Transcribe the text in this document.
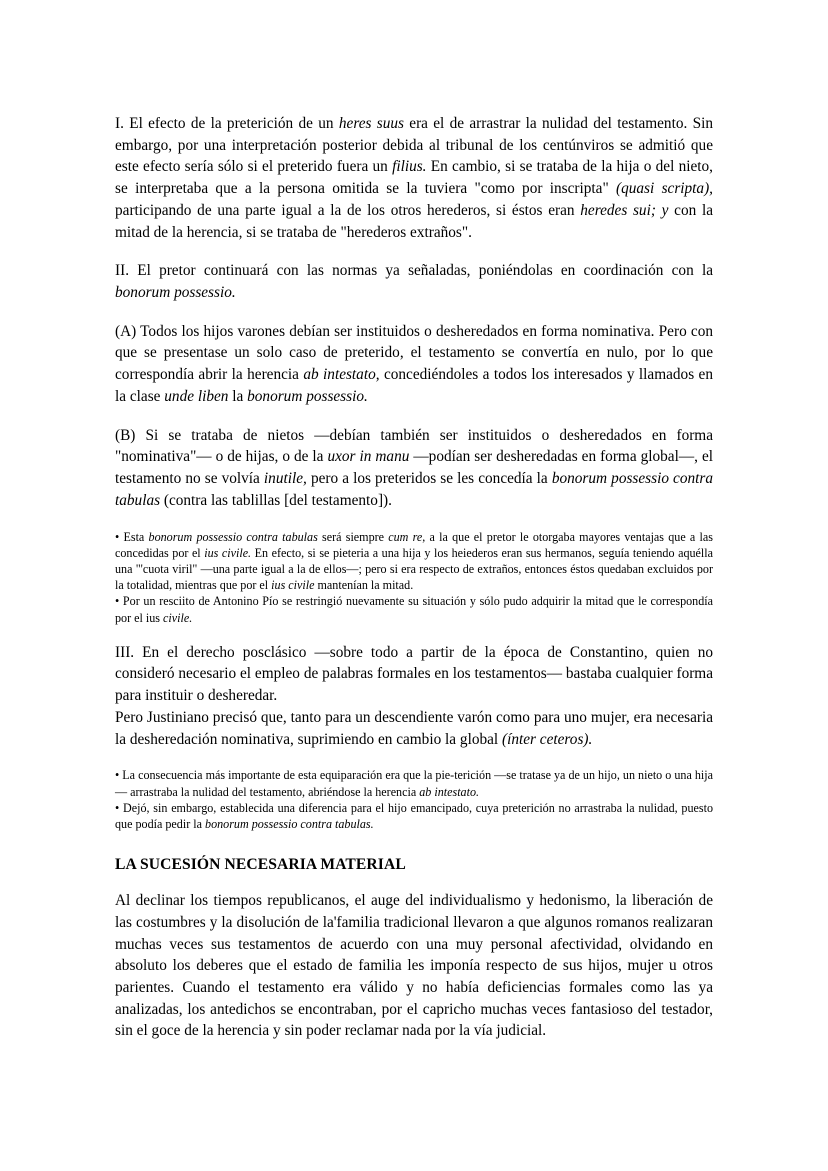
I. El efecto de la preterición de un heres suus era el de arrastrar la nulidad del testamento. Sin embargo, por una interpretación posterior debida al tribunal de los centúnviros se admitió que este efecto sería sólo si el preterido fuera un filius. En cambio, si se trataba de la hija o del nieto, se interpretaba que a la persona omitida se la tuviera "como por inscripta" (quasi scripta), participando de una parte igual a la de los otros herederos, si éstos eran heredes sui; y con la mitad de la herencia, si se trataba de "herederos extraños".

II. El pretor continuará con las normas ya señaladas, poniéndolas en coordinación con la bonorum possessio.

(A) Todos los hijos varones debían ser instituidos o desheredados en forma nominativa. Pero con que se presentase un solo caso de preterido, el testamento se convertía en nulo, por lo que correspondía abrir la herencia ab intestato, concediéndoles a todos los interesados y llamados en la clase unde liben la bonorum possessio.

(B) Si se trataba de nietos —debían también ser instituidos o desheredados en forma "nominativa"— o de hijas, o de la uxor in manu —podían ser desheredadas en forma global—, el testamento no se volvía inutile, pero a los preteridos se les concedía la bonorum possessio contra tabulas (contra las tablillas [del testamento]).

• Esta bonorum possessio contra tabulas será siempre cum re, a la que el pretor le otorgaba mayores ventajas que a las concedidas por el ius civile. En efecto, si se pieteria a una hija y los heiederos eran sus hermanos, seguía teniendo aquélla una "'cuota viril" —una parte igual a la de ellos—; pero si era respecto de extraños, entonces éstos quedaban excluidos por la totalidad, mientras que por el ius civile mantenían la mitad.

• Por un resciito de Antonino Pío se restringió nuevamente su situación y sólo pudo adquirir la mitad que le correspondía por el ius civile.

III. En el derecho posclásico —sobre todo a partir de la época de Constantino, quien no consideró necesario el empleo de palabras formales en los testamentos— bastaba cualquier forma para instituir o desheredar.

Pero Justiniano precisó que, tanto para un descendiente varón como para uno mujer, era necesaria la desheredación nominativa, suprimiendo en cambio la global (ínter ceteros).

• La consecuencia más importante de esta equiparación era que la pie-terición —se tratase ya de un hijo, un nieto o una hija— arrastraba la nulidad del testamento, abriéndose la herencia ab intestato.

• Dejó, sin embargo, establecida una diferencia para el hijo emancipado, cuya preterición no arrastraba la nulidad, puesto que podía pedir la bonorum possessio contra tabulas.

LA SUCESIÓN NECESARIA MATERIAL

Al declinar los tiempos republicanos, el auge del individualismo y hedonismo, la liberación de las costumbres y la disolución de la'familia tradicional llevaron a que algunos romanos realizaran muchas veces sus testamentos de acuerdo con una muy personal afectividad, olvidando en absoluto los deberes que el estado de familia les imponía respecto de sus hijos, mujer u otros parientes. Cuando el testamento era válido y no había deficiencias formales como las ya analizadas, los antedichos se encontraban, por el capricho muchas veces fantasioso del testador, sin el goce de la herencia y sin poder reclamar nada por la vía judicial.
